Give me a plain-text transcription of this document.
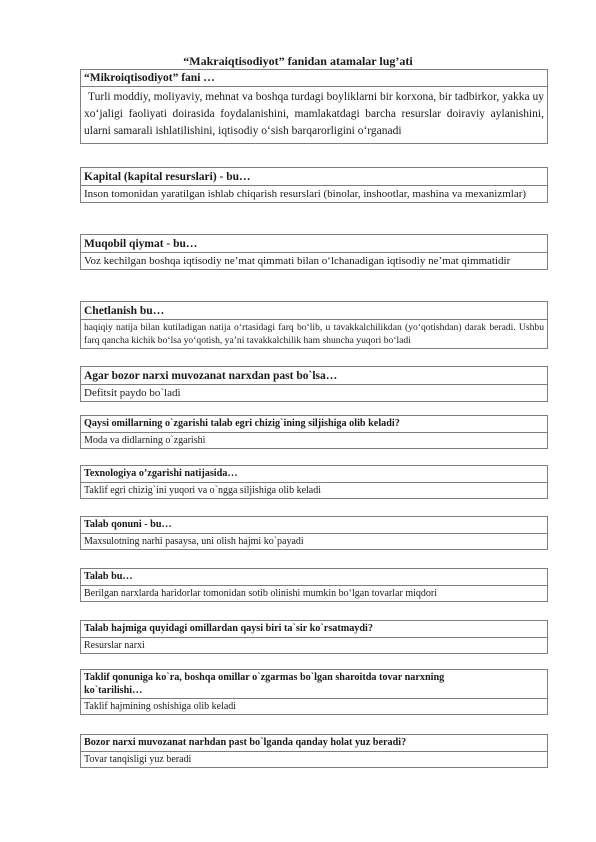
“Makraiqtisodiyot” fanidan atamalar lug’ati
“Mikroiqtisodiyot” fani …
Turli moddiy, moliyaviy, mehnat va boshqa turdagi boyliklarni bir korxona, bir tadbirkor, yakka uy xo‘jaligi faoliyati doirasida foydalanishini, mamlakatdagi barcha resurslar doiraviy aylanishini, ularni samarali ishlatilishini, iqtisodiy o‘sish barqarorligini o‘rganadi
Kapital (kapital resurslari) - bu…
Inson tomonidan yaratilgan ishlab chiqarish resurslari (binolar, inshootlar, mashina va mexanizmlar)
Muqobil qiymat - bu…
Voz kechilgan boshqa iqtisodiy ne’mat qimmati bilan o‘lchanadigan iqtisodiy ne’mat qimmatidir
Chetlanish bu…
haqiqiy natija bilan kutiladigan natija o‘rtasidagi farq bo‘lib, u tavakkalchilikdan (yo‘qotishdan) darak beradi. Ushbu farq qancha kichik bo‘lsa yo‘qotish, ya’ni tavakkalchilik ham shuncha yuqori bo‘ladi
Agar bozor narxi muvozanat narxdan past bo`lsa…
Defitsit paydo bo`ladi
Qaysi omillarning o`zgarishi talab egri chizig`ining siljishiga olib keladi?
Moda va didlarning o`zgarishi
Texnologiya o’zgarishi natijasida…
Taklif egri chizig`ini yuqori va o`ngga siljishiga olib keladi
Talab qonuni - bu…
Maxsulotning narhi pasaysa, uni olish hajmi ko`payadi
Talab bu…
Berilgan narxlarda haridorlar tomonidan sotib olinishi mumkin bo‘lgan tovarlar miqdori
Talab hajmiga quyidagi omillardan qaysi biri ta`sir ko`rsatmaydi?
Resurslar narxi
Taklif qonuniga ko`ra, boshqa omillar o`zgarmas bo`lgan sharoitda tovar narxning ko`tarilishi…
Taklif hajmining oshishiga olib keladi
Bozor narxi muvozanat narhdan past bo`lganda qanday holat yuz beradi?
Tovar tanqisligi yuz beradi
